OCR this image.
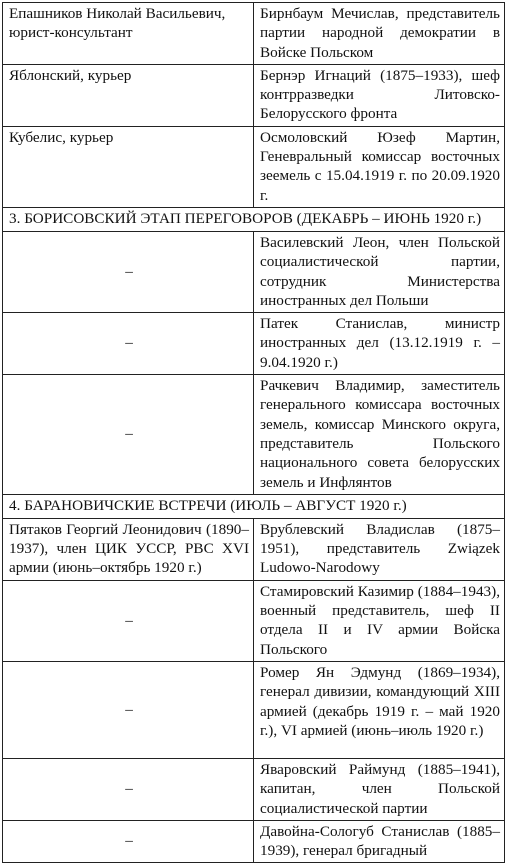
Епашников Николай Васильевич, юрист-консультант	Бирнбаум Мечислав, представитель партии народной демократии в Войске Польском
Яблонский, курьер	Бернэр Игнаций (1875–1933), шеф контрразведки Литовско-Белорусского фронта
Кубелис, курьер	Осмоловский Юзеф Мартин, Геневральный комиссар восточных зеемель с 15.04.1919 г. по 20.09.1920 г.
3. БОРИСОВСКИЙ ЭТАП ПЕРЕГОВОРОВ (ДЕКАБРЬ – ИЮНЬ 1920 г.)	
–	Василевский Леон, член Польской социалистической партии, сотрудник Министерства иностранных дел Польши
–	Патек Станислав, министр иностранных дел (13.12.1919 г. – 9.04.1920 г.)
–	Рачкевич Владимир, заместитель генерального комиссара восточных земель, комиссар Минского округа, представитель Польского национального совета белорусских земель и Инфлянтов
4. БАРАНОВИЧСКИЕ ВСТРЕЧИ (ИЮЛЬ – АВГУСТ 1920 г.)	
Пятаков Георгий Леонидович (1890–1937), член ЦИК УССР, РВС XVI армии (июнь–октябрь 1920 г.)	Врублевский Владислав (1875–1951), представитель Związek Ludowo-Narodowy
–	Стамировский Казимир (1884–1943), военный представитель, шеф II отдела II и IV армии Войска Польского
–	Ромер Ян Эдмунд (1869–1934), генерал дивизии, командующий XIII армией (декабрь 1919 г. – май 1920 г.), VI армией (июнь–июль 1920 г.)
–	Яваровский Раймунд (1885–1941), капитан, член Польской социалистической партии
–	Давойна-Сологуб Станислав (1885–1939), генерал бригадный
